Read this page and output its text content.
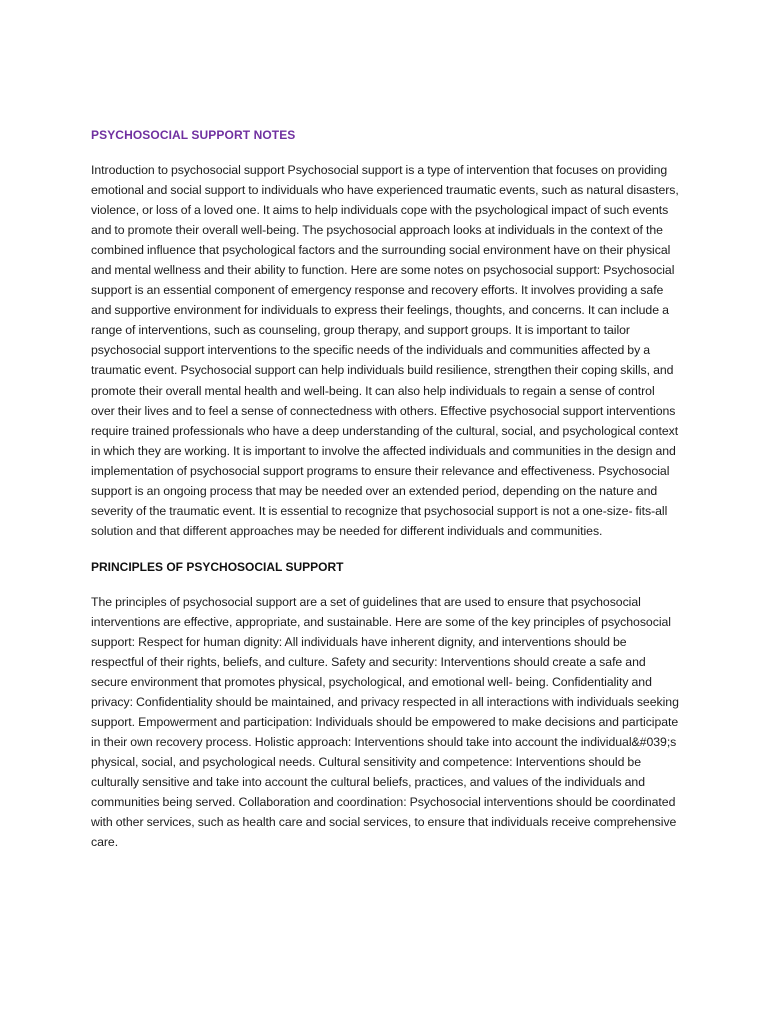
PSYCHOSOCIAL SUPPORT NOTES

Introduction to psychosocial support Psychosocial support is a type of intervention that focuses on providing emotional and social support to individuals who have experienced traumatic events, such as natural disasters, violence, or loss of a loved one. It aims to help individuals cope with the psychological impact of such events and to promote their overall well-being. The psychosocial approach looks at individuals in the context of the combined influence that psychological factors and the surrounding social environment have on their physical and mental wellness and their ability to function. Here are some notes on psychosocial support: Psychosocial support is an essential component of emergency response and recovery efforts. It involves providing a safe and supportive environment for individuals to express their feelings, thoughts, and concerns. It can include a range of interventions, such as counseling, group therapy, and support groups. It is important to tailor psychosocial support interventions to the specific needs of the individuals and communities affected by a traumatic event. Psychosocial support can help individuals build resilience, strengthen their coping skills, and promote their overall mental health and well-being. It can also help individuals to regain a sense of control over their lives and to feel a sense of connectedness with others. Effective psychosocial support interventions require trained professionals who have a deep understanding of the cultural, social, and psychological context in which they are working. It is important to involve the affected individuals and communities in the design and implementation of psychosocial support programs to ensure their relevance and effectiveness. Psychosocial support is an ongoing process that may be needed over an extended period, depending on the nature and severity of the traumatic event. It is essential to recognize that psychosocial support is not a one-size- fits-all solution and that different approaches may be needed for different individuals and communities.

PRINCIPLES OF PSYCHOSOCIAL SUPPORT

The principles of psychosocial support are a set of guidelines that are used to ensure that psychosocial interventions are effective, appropriate, and sustainable. Here are some of the key principles of psychosocial support: Respect for human dignity: All individuals have inherent dignity, and interventions should be respectful of their rights, beliefs, and culture. Safety and security: Interventions should create a safe and secure environment that promotes physical, psychological, and emotional well- being. Confidentiality and privacy: Confidentiality should be maintained, and privacy respected in all interactions with individuals seeking support. Empowerment and participation: Individuals should be empowered to make decisions and participate in their own recovery process. Holistic approach: Interventions should take into account the individual&#039;s physical, social, and psychological needs. Cultural sensitivity and competence: Interventions should be culturally sensitive and take into account the cultural beliefs, practices, and values of the individuals and communities being served. Collaboration and coordination: Psychosocial interventions should be coordinated with other services, such as health care and social services, to ensure that individuals receive comprehensive care.
